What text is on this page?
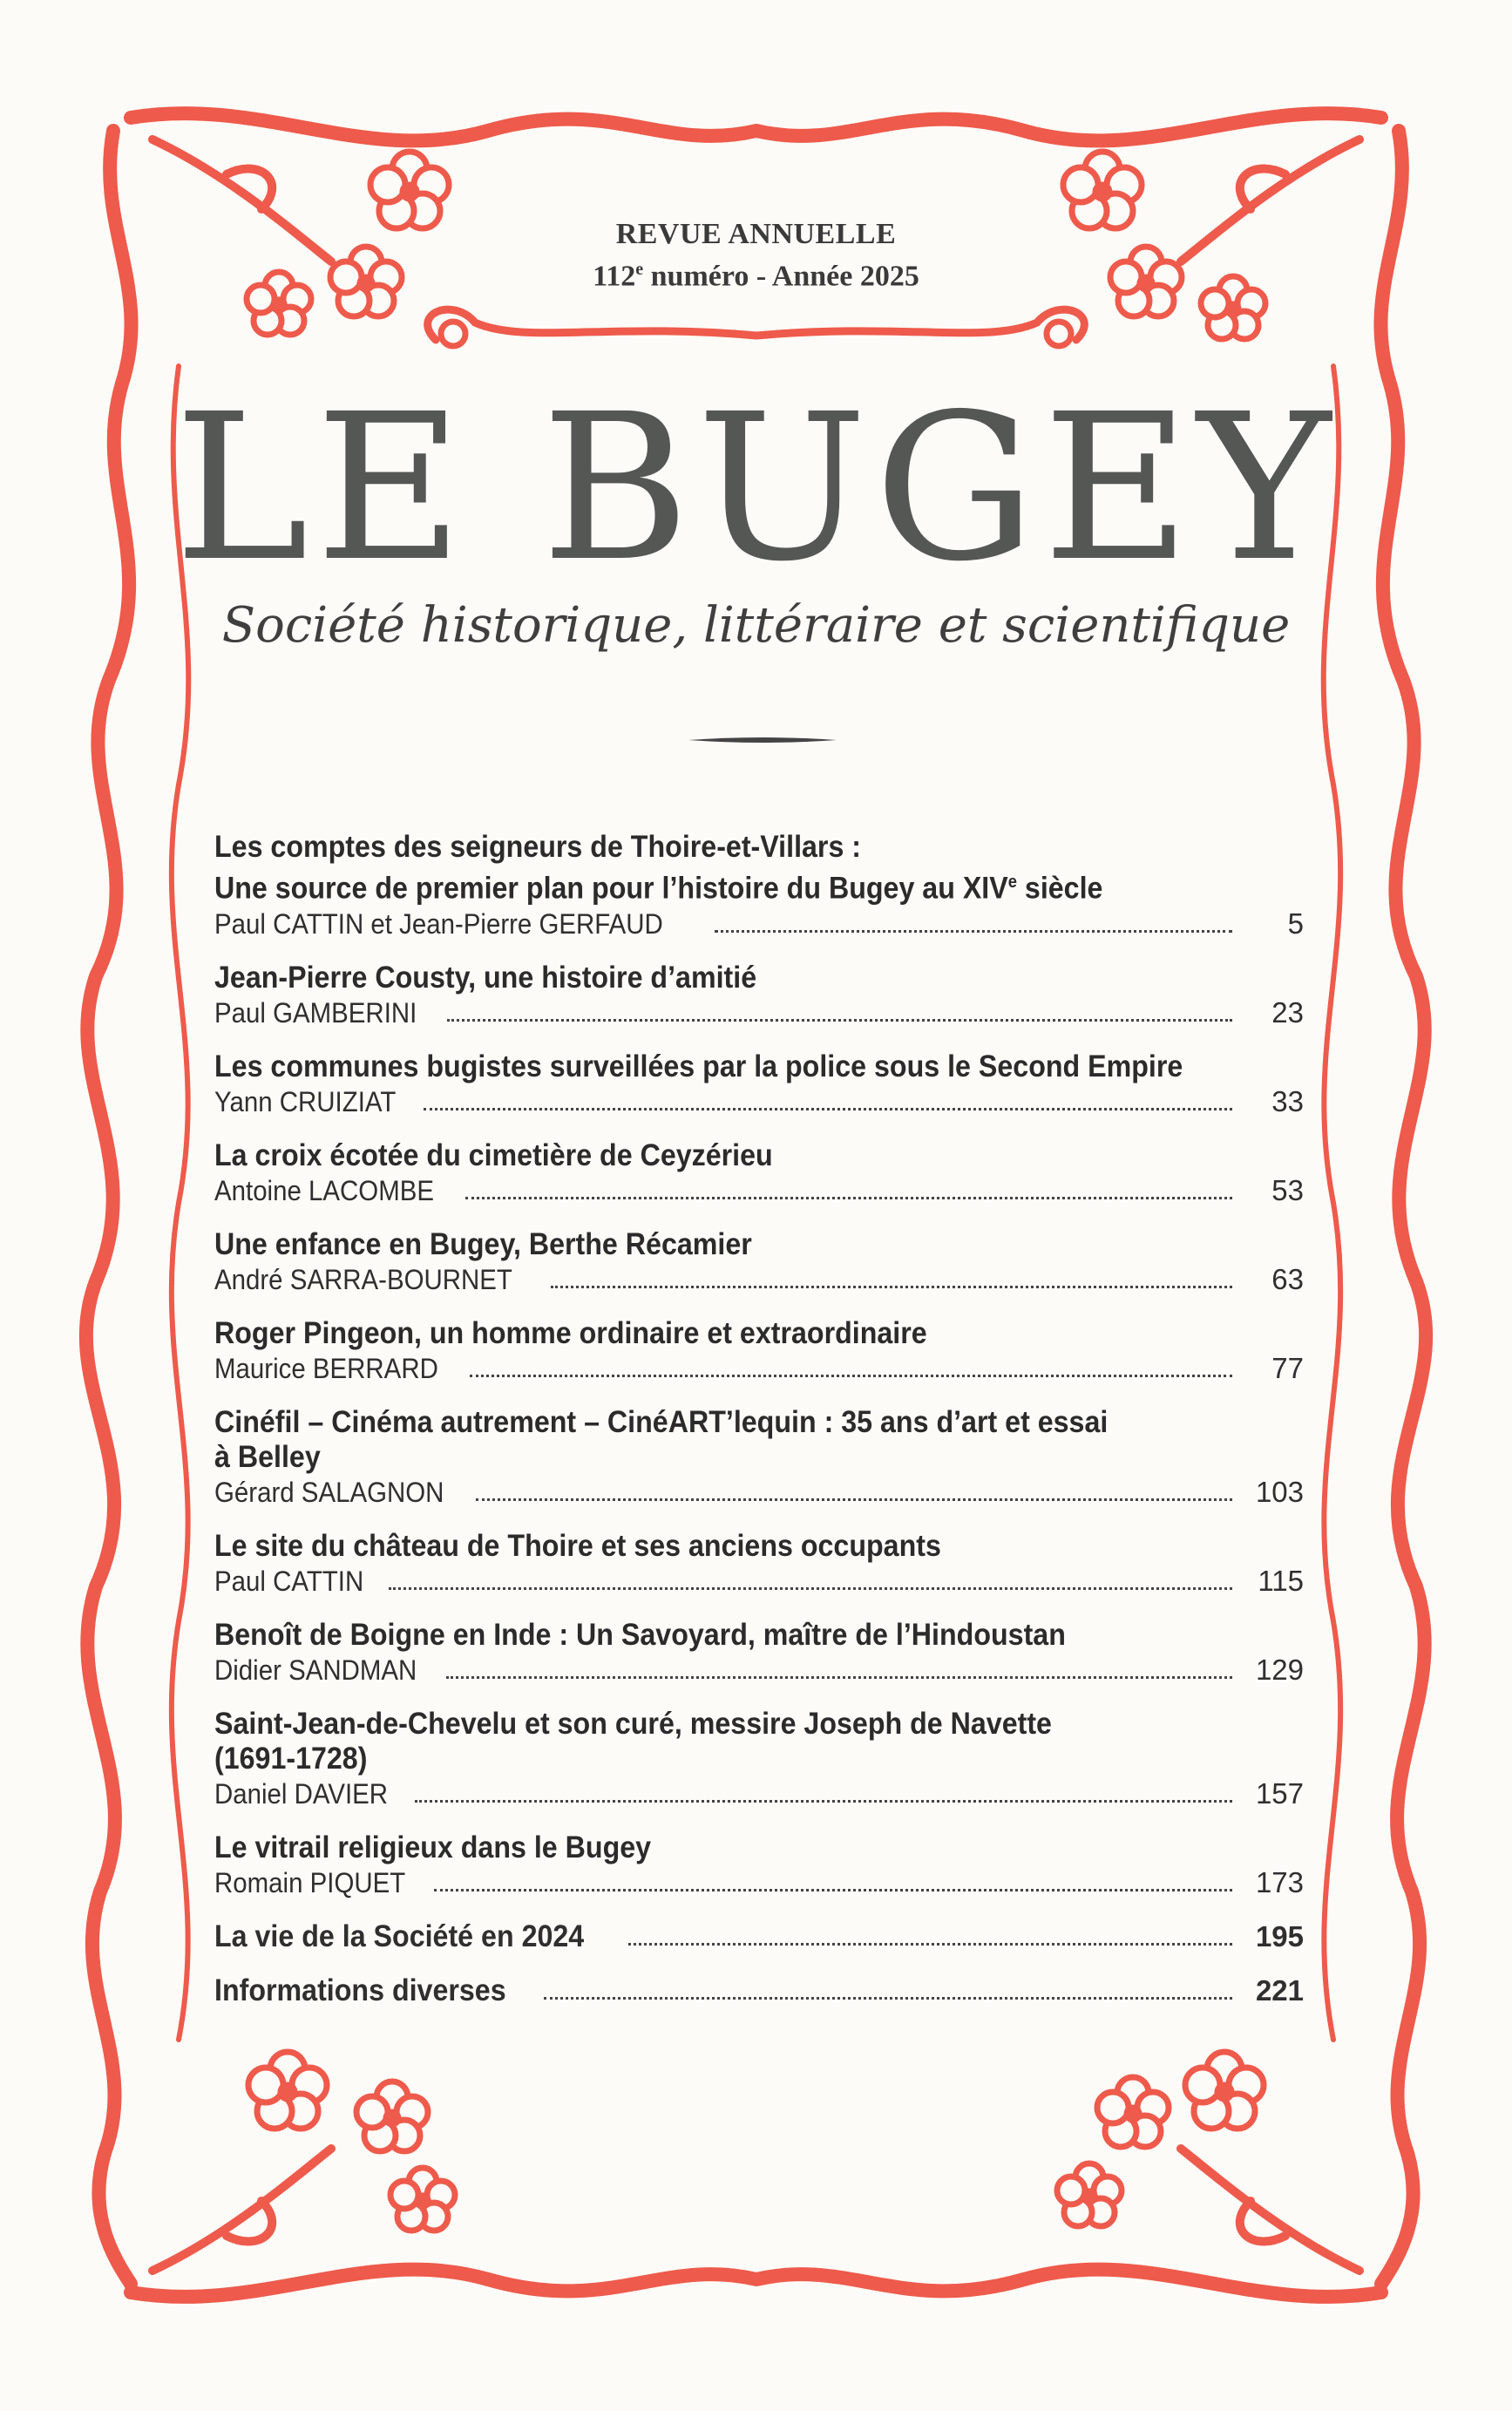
REVUE ANNUELLE
112e numéro - Année 2025
LE BUGEY
Société historique, littéraire et scientifique
Les comptes des seigneurs de Thoire-et-Villars :
Une source de premier plan pour l’histoire du Bugey au XIVe siècle
Paul CATTIN et Jean-Pierre GERFAUD	5
Jean-Pierre Cousty, une histoire d’amitié
Paul GAMBERINI	23
Les communes bugistes surveillées par la police sous le Second Empire
Yann CRUIZIAT	33
La croix écotée du cimetière de Ceyzérieu
Antoine LACOMBE	53
Une enfance en Bugey, Berthe Récamier
André SARRA-BOURNET	63
Roger Pingeon, un homme ordinaire et extraordinaire
Maurice BERRARD	77
Cinéfil – Cinéma autrement – CinéART’lequin : 35 ans d’art et essai
à Belley
Gérard SALAGNON	103
Le site du château de Thoire et ses anciens occupants
Paul CATTIN	115
Benoît de Boigne en Inde : Un Savoyard, maître de l’Hindoustan
Didier SANDMAN	129
Saint-Jean-de-Chevelu et son curé, messire Joseph de Navette
(1691-1728)
Daniel DAVIER	157
Le vitrail religieux dans le Bugey
Romain PIQUET	173
La vie de la Société en 2024	195
Informations diverses	221
